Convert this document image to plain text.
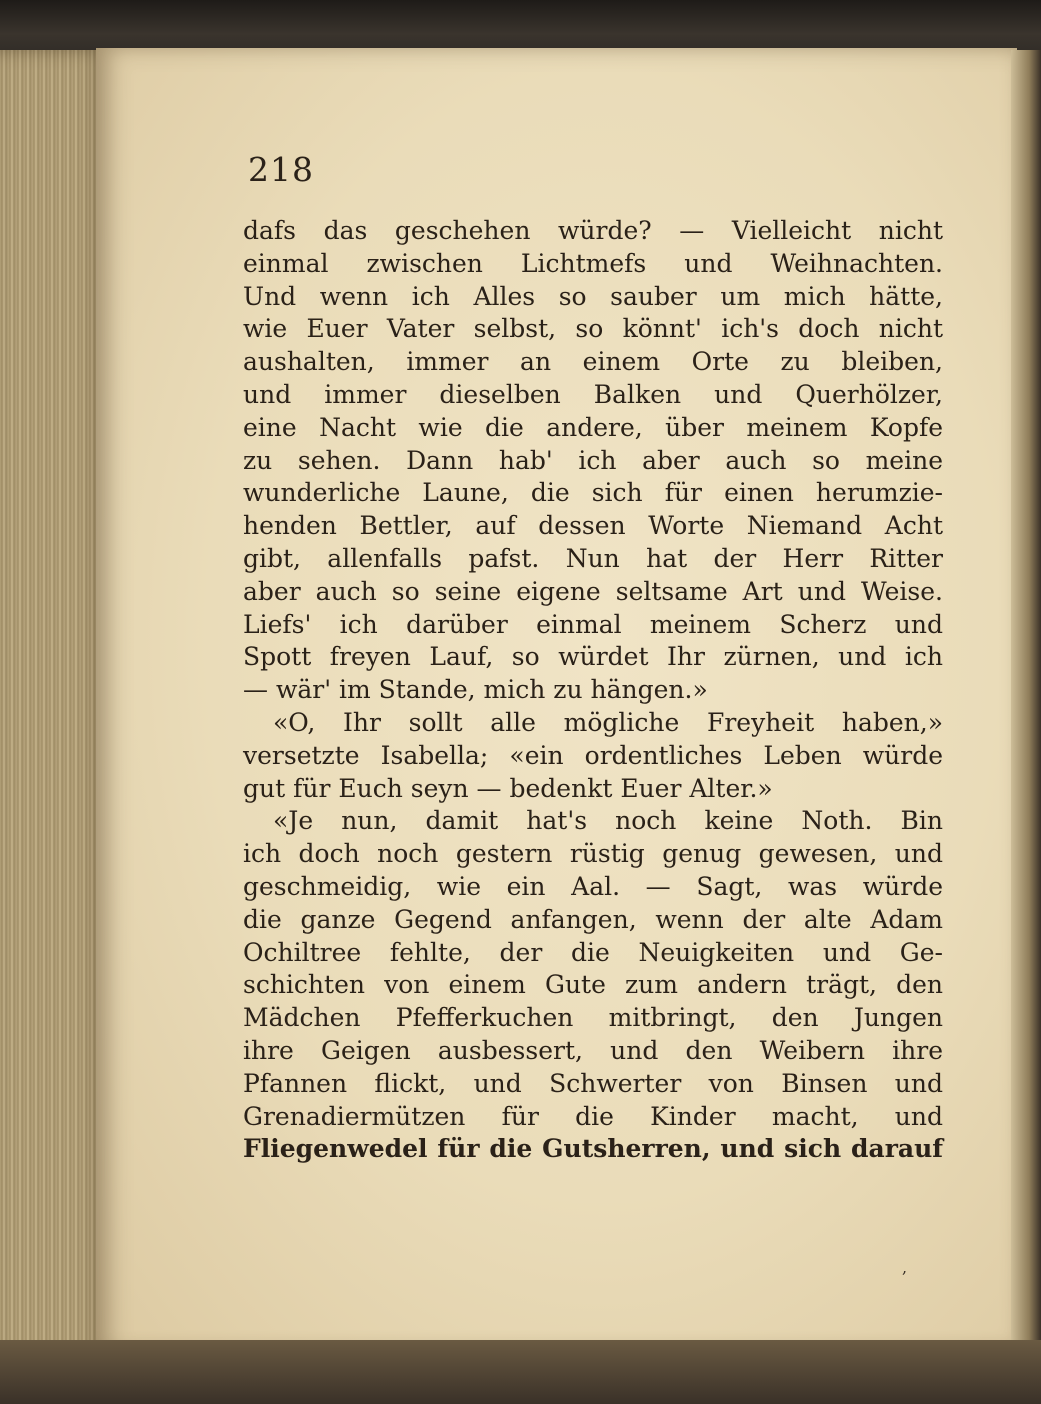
218
dafs das geschehen würde? — Vielleicht nicht
einmal zwischen Lichtmefs und Weihnachten.
Und wenn ich Alles so sauber um mich hätte,
wie Euer Vater selbst, so könnt' ich's doch nicht
aushalten, immer an einem Orte zu bleiben,
und immer dieselben Balken und Querhölzer,
eine Nacht wie die andere, über meinem Kopfe
zu sehen. Dann hab' ich aber auch so meine
wunderliche Laune, die sich für einen herumzie-
henden Bettler, auf dessen Worte Niemand Acht
gibt, allenfalls pafst. Nun hat der Herr Ritter
aber auch so seine eigene seltsame Art und Weise.
Liefs' ich darüber einmal meinem Scherz und
Spott freyen Lauf, so würdet Ihr zürnen, und ich
— wär' im Stande, mich zu hängen.»
«O, Ihr sollt alle mögliche Freyheit haben,»
versetzte Isabella; «ein ordentliches Leben würde
gut für Euch seyn — bedenkt Euer Alter.»
«Je nun, damit hat's noch keine Noth. Bin
ich doch noch gestern rüstig genug gewesen, und
geschmeidig, wie ein Aal. — Sagt, was würde
die ganze Gegend anfangen, wenn der alte Adam
Ochiltree fehlte, der die Neuigkeiten und Ge-
schichten von einem Gute zum andern trägt, den
Mädchen Pfefferkuchen mitbringt, den Jungen
ihre Geigen ausbessert, und den Weibern ihre
Pfannen flickt, und Schwerter von Binsen und
Grenadiermützen für die Kinder macht, und
Fliegenwedel für die Gutsherren, und sich darauf
,
